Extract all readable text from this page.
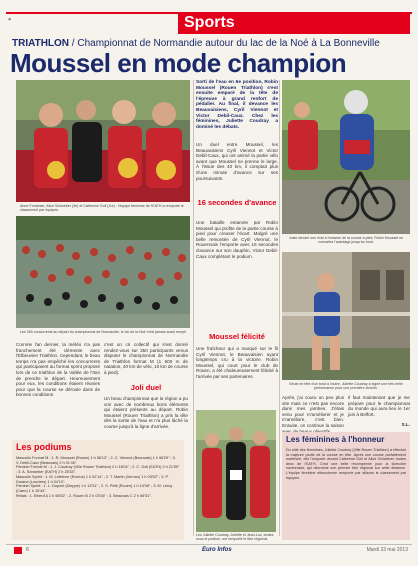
▪	Sports
TRIATHLON / Championnat de Normandie autour du lac de la Noé à La Bonneville
Moussel en mode champion
Anne Fontanier, Alice Schweber (3e) et Catherine Goll (1re) : l'équipe féminine de l'EATH a remporté le classement par équipes.
Les 350 concurrents au départ du championnat de Normandie, le lac de la Noé n'est jamais aussi rempli.
Sorti de l'eau en 6e position, Robin Moussel (Rouen Triathlon) s'est ensuite emparé de la tête de l'épreuve à grand renfort de pédalier. Au final, il devance les Beauvaisiens, Cyril Viennot et Victor Debil-Caux. Chez les féminines, Juliette Coudray a dominé les débats.
Un duel entre Moussel, les Beauvaisiens Cyril Viennot et Victor Debil-Caux, qui ont animé la partie vélo avant que Moussel ne prenne le large. À l'issue des 40 km, il comptait plus d'une minute d'avance sur ses poursuivants.
16 secondes d'avance
Une bataille entamée par Robin Moussel qui profite de la partie course à pied pour creuser l'écart. Malgré une belle remontée de Cyril Viennot, le Rouennais l'emporte avec 16 secondes d'avance sur son dauphin, Victor Debil-Caux complétant le podium.
Moussel félicité
Une fraîcheur qui a marqué sur le fil Cyril Viennot, le Beauvaisien ayant longtemps cru à la victoire. Robin Moussel, qui court pour le club de Rouen, a été chaleureusement félicité à l'arrivée par ses partenaires.
Comme l'an dernier, la météo n'a pas franchement été clémente avec l'Elbeuvien Triathlon. Cependant, le beau temps n'a pas empêché les concurrents qui participaient au format sprint proposé lors de ce triathlon de la Vallée de l'Iton de prendre le départ. Heureusement pour eux, les conditions étaient réunies pour que la course se déroule dans de bonnes conditions.
c'est un cri collectif qui s'est donné rendez-vous sur 350 participants venus disputer le championnat de Normandie de Triathlon format M (1 500 m de natation, 40 km de vélo, 10 km de course à pied).
Joli duel
Un beau championnat que la région a pu voir avec de nombreux bons éléments qui étaient présents au départ. Robin Moussel (Rouen Triathlon) a pris la tête dès la sortie de l'eau et n'a plus lâché la course jusqu'à la ligne d'arrivée.
Juste devant son rival à l'entame de la course à pied, Robin Moussel ne connaîtra l'avantage jusqu'au bout.
Seule en tête d'un bout à l'autre, Juliette Coudray a signé une très belle performance pour une première victoire.
Après, j'ai couru un peu plus vite mais ce n'est pas encore dans mes jambes. J'étais venu pour m'améliorer et je m'améliore, c'est bien. Ensuite, on continue la saison
Il faut maintenant que je me prépare pour le championnat du monde qui aura lieu le 1er juin à Belfort.
S.L.
Les Juliette Coudray, Juliette et Jean-Luc, toutes sous le podium, ont remporté le titre régional.
Les podiums
Masculin Format M : 1. R. Moussel (Rouen) 1 h 56'13" ; 2. C. Viennot (Beauvais) 1 h 56'29" ; 3. V. Debil-Caux (Beauvais) 2 h 01'45".
Féminin Format M : 1. J. Coudray (Ville Rouen Triathlon) 2 h 18'04" ; 2. C. Goll (EATH) 2 h 21'59" ; 3. A. Schweber (EATH) 2 h 25'33".
Masculin Sprint : 1. M. Lefebvre (Evreux) 1 h 02'14" ; 2. T. Martin (Vernon) 1 h 03'52" ; 3. P. Durand (Louviers) 1 h 04'10".
Féminin Sprint : 1. L. Dupont (Dieppe) 1 h 12'31" ; 2. S. Petit (Rouen) 1 h 14'08" ; 3. M. Leroy (Caen) 1 h 15'44".
Relais : 1. Elbeuf A 1 h 58'02" ; 2. Rouen B 2 h 03'16" ; 3. Beauvais C 2 h 06'51".
Les féminines à l'honneur
Du côté des féminines, Juliette Coudray (Ville Rouen Triathlon) a effectué la majeure partie de la course en tête. Après une course parfaitement maîtrisée, elle l'emporte devant Catherine Goll et Alice Schweber, toutes deux de l'EATH. C'est une belle récompense pour la licenciée rouennaise, qui décroche son premier titre régional sur cette distance. L'équipe féminine elbeuvienne remporte par ailleurs le classement par équipes.
8	Euro Infos	Mardi 23 mai 2013
